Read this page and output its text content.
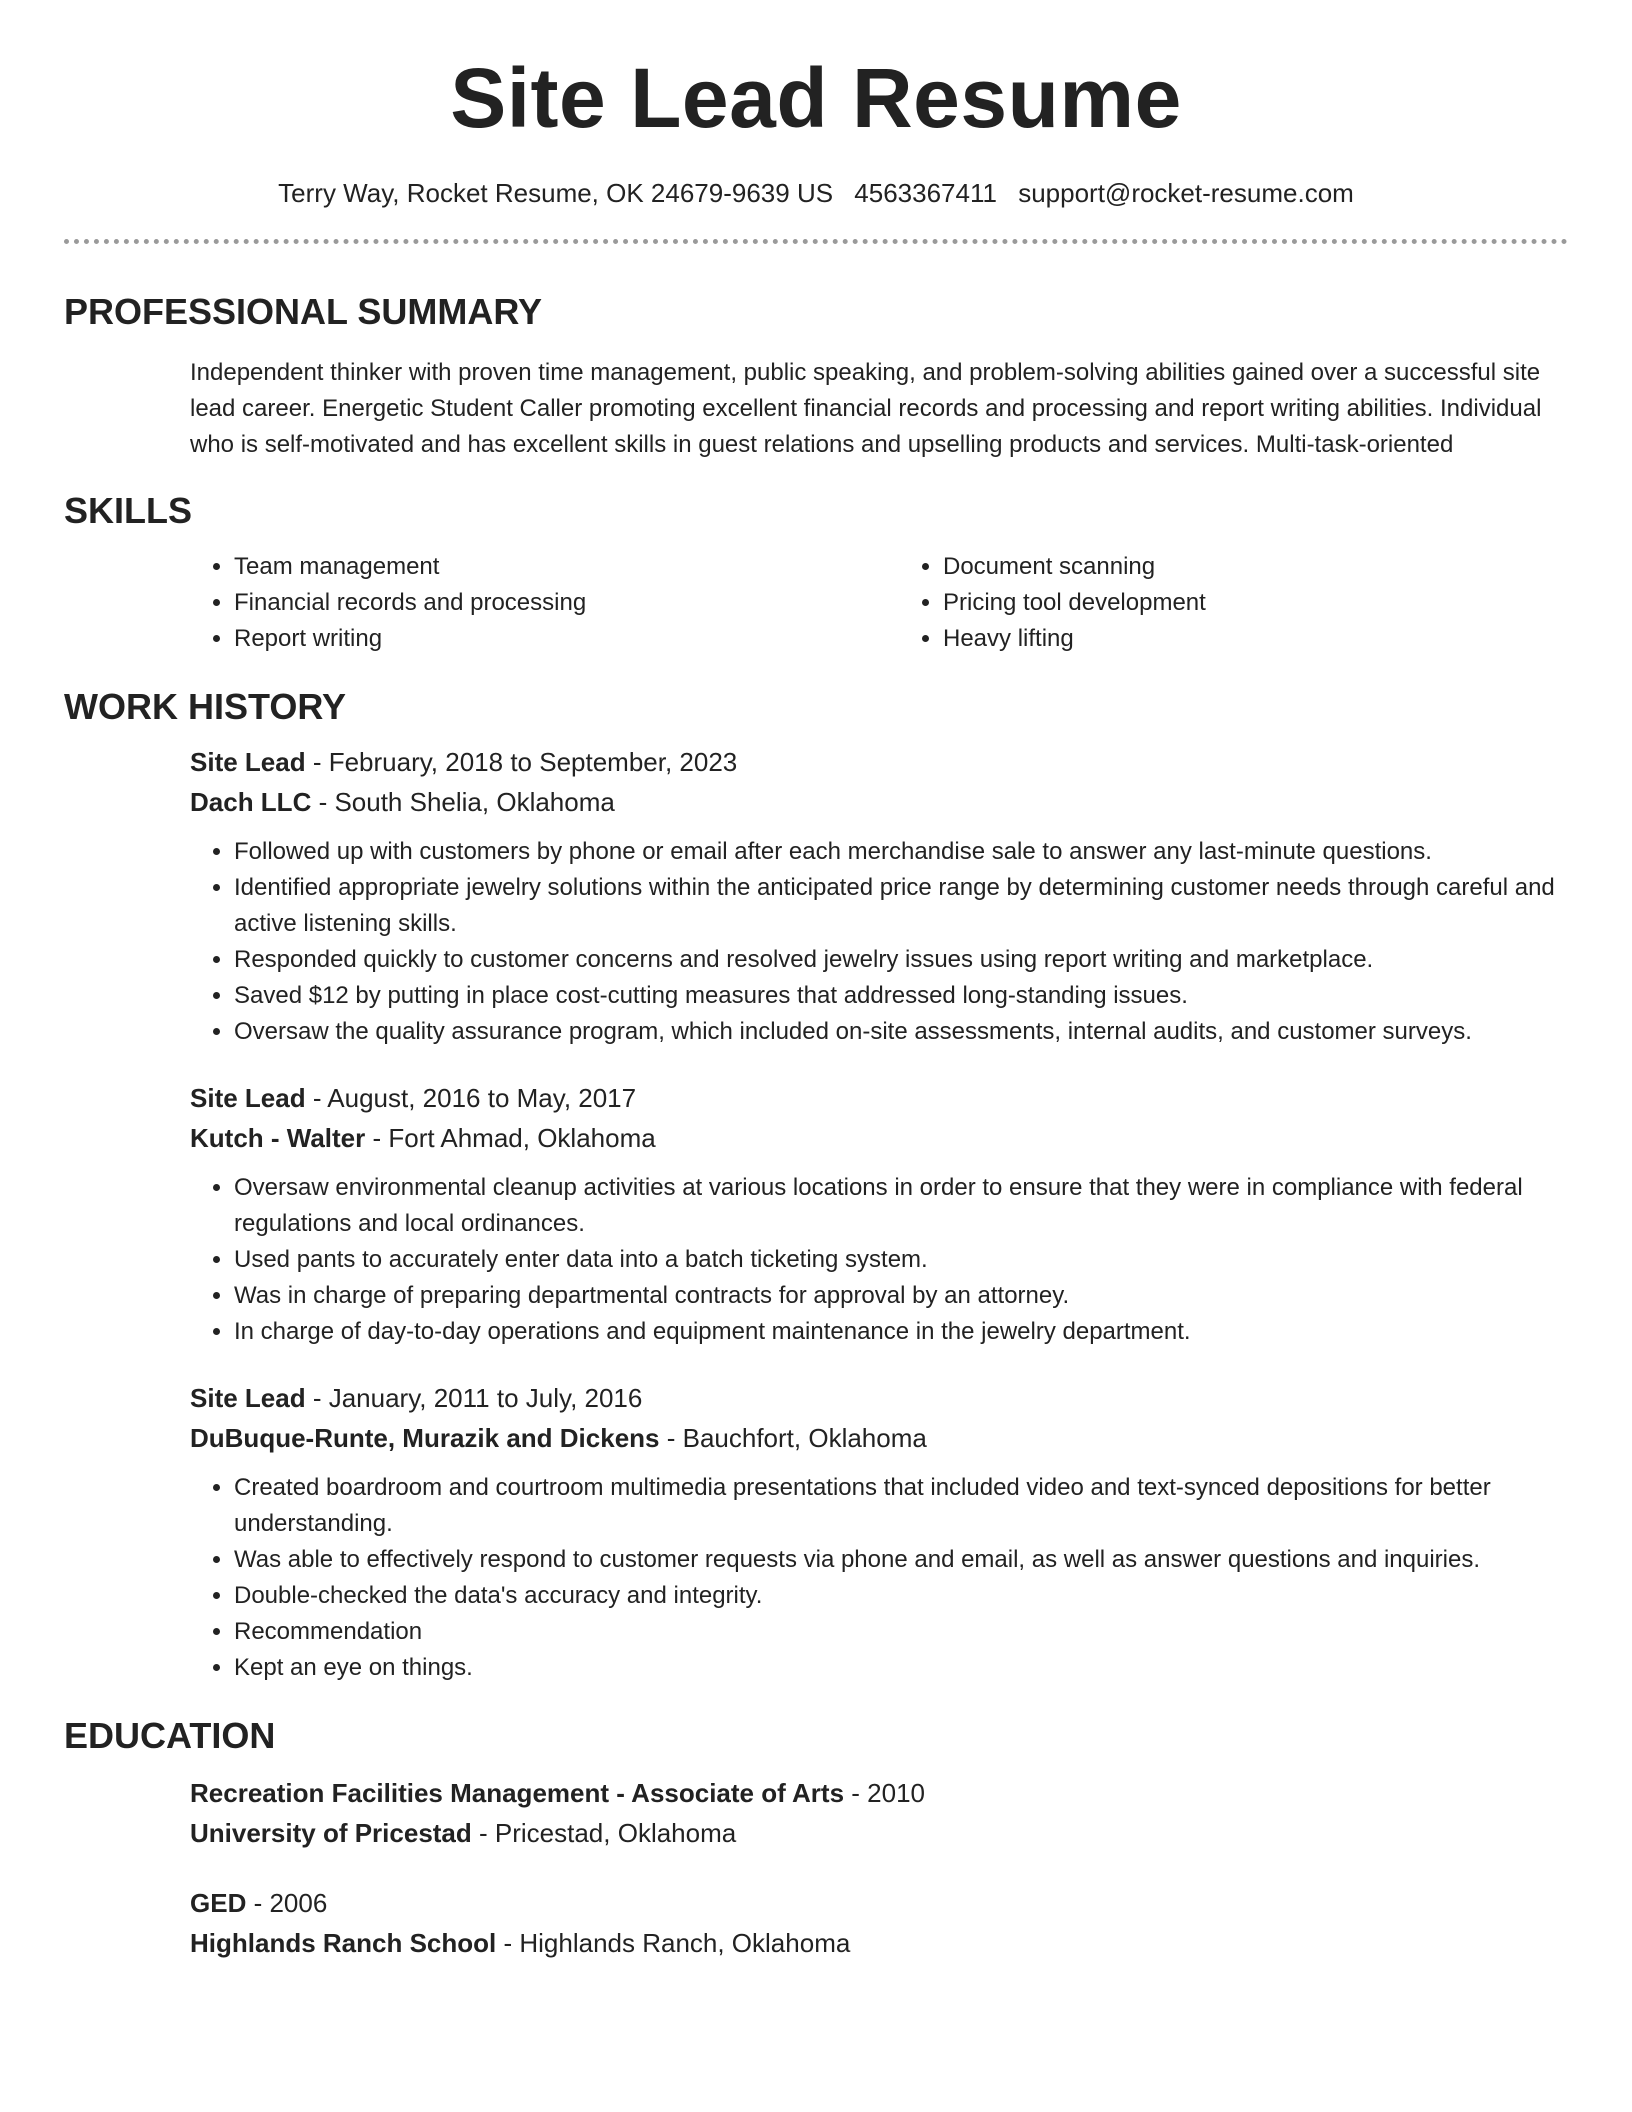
Site Lead Resume
Terry Way, Rocket Resume, OK 24679-9639 US 4563367411 support@rocket-resume.com
PROFESSIONAL SUMMARY

Independent thinker with proven time management, public speaking, and problem-solving abilities gained over a successful site lead career. Energetic Student Caller promoting excellent financial records and processing and report writing abilities. Individual who is self-motivated and has excellent skills in guest relations and upselling products and services. Multi-task-oriented

SKILLS
• Team management
• Financial records and processing
• Report writing
• Document scanning
• Pricing tool development
• Heavy lifting
WORK HISTORY
Site Lead - February, 2018 to September, 2023
Dach LLC - South Shelia, Oklahoma
• Followed up with customers by phone or email after each merchandise sale to answer any last-minute questions.
• Identified appropriate jewelry solutions within the anticipated price range by determining customer needs through careful and active listening skills.
• Responded quickly to customer concerns and resolved jewelry issues using report writing and marketplace.
• Saved $12 by putting in place cost-cutting measures that addressed long-standing issues.
• Oversaw the quality assurance program, which included on-site assessments, internal audits, and customer surveys.
Site Lead - August, 2016 to May, 2017
Kutch - Walter - Fort Ahmad, Oklahoma
• Oversaw environmental cleanup activities at various locations in order to ensure that they were in compliance with federal regulations and local ordinances.
• Used pants to accurately enter data into a batch ticketing system.
• Was in charge of preparing departmental contracts for approval by an attorney.
• In charge of day-to-day operations and equipment maintenance in the jewelry department.
Site Lead - January, 2011 to July, 2016
DuBuque-Runte, Murazik and Dickens - Bauchfort, Oklahoma
• Created boardroom and courtroom multimedia presentations that included video and text-synced depositions for better understanding.
• Was able to effectively respond to customer requests via phone and email, as well as answer questions and inquiries.
• Double-checked the data's accuracy and integrity.
• Recommendation
• Kept an eye on things.
EDUCATION
Recreation Facilities Management - Associate of Arts - 2010
University of Pricestad - Pricestad, Oklahoma
GED - 2006
Highlands Ranch School - Highlands Ranch, Oklahoma
